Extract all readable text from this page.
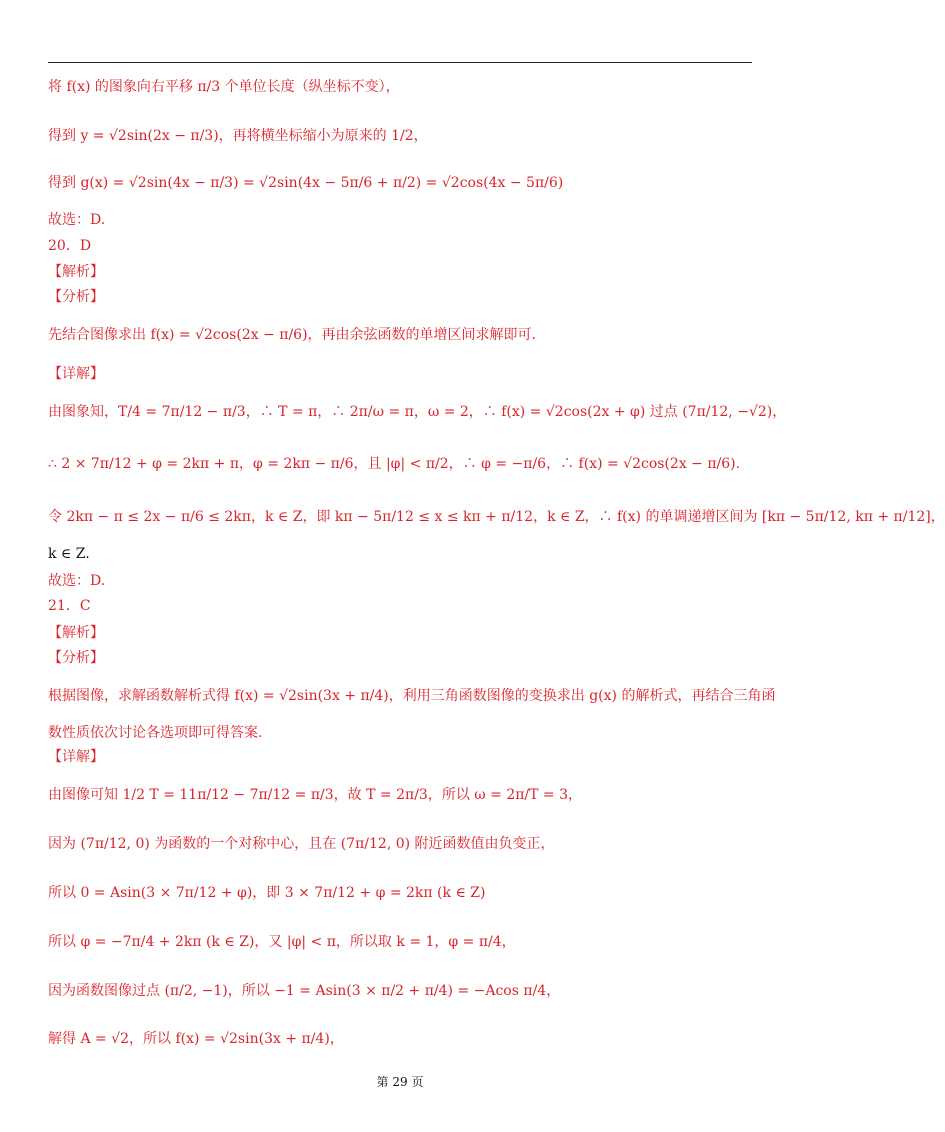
将 f(x) 的图象向右平移 π/3 个单位长度（纵坐标不变），
得到 y = √2sin(2x − π/3)，再将横坐标缩小为原来的 1/2，
得到 g(x) = √2sin(4x − π/3) = √2sin(4x − 5π/6 + π/2) = √2cos(4x − 5π/6)
故选：D.
20．D
【解析】
【分析】
先结合图像求出 f(x) = √2cos(2x − π/6)，再由余弦函数的单增区间求解即可.
【详解】
由图象知，T/4 = 7π/12 − π/3，∴ T = π，∴ 2π/ω = π，ω = 2，∴ f(x) = √2cos(2x + φ) 过点 (7π/12, −√2)，
∴ 2 × 7π/12 + φ = 2kπ + π，φ = 2kπ − π/6，且 |φ| < π/2，∴ φ = −π/6，∴ f(x) = √2cos(2x − π/6).
令 2kπ − π ≤ 2x − π/6 ≤ 2kπ，k ∈ Z，即 kπ − 5π/12 ≤ x ≤ kπ + π/12，k ∈ Z，∴ f(x) 的单调递增区间为 [kπ − 5π/12, kπ + π/12]，
k ∈ Z.
故选：D.
21．C
【解析】
【分析】
根据图像，求解函数解析式得 f(x) = √2sin(3x + π/4)，利用三角函数图像的变换求出 g(x) 的解析式，再结合三角函
数性质依次讨论各选项即可得答案.
【详解】
由图像可知 1/2 T = 11π/12 − 7π/12 = π/3，故 T = 2π/3，所以 ω = 2π/T = 3，
因为 (7π/12, 0) 为函数的一个对称中心，且在 (7π/12, 0) 附近函数值由负变正，
所以 0 = Asin(3 × 7π/12 + φ)，即 3 × 7π/12 + φ = 2kπ (k ∈ Z)
所以 φ = −7π/4 + 2kπ (k ∈ Z)，又 |φ| < π，所以取 k = 1，φ = π/4，
因为函数图像过点 (π/2, −1)，所以 −1 = Asin(3 × π/2 + π/4) = −Acos π/4，
解得 A = √2，所以 f(x) = √2sin(3x + π/4)，
第 29 页
